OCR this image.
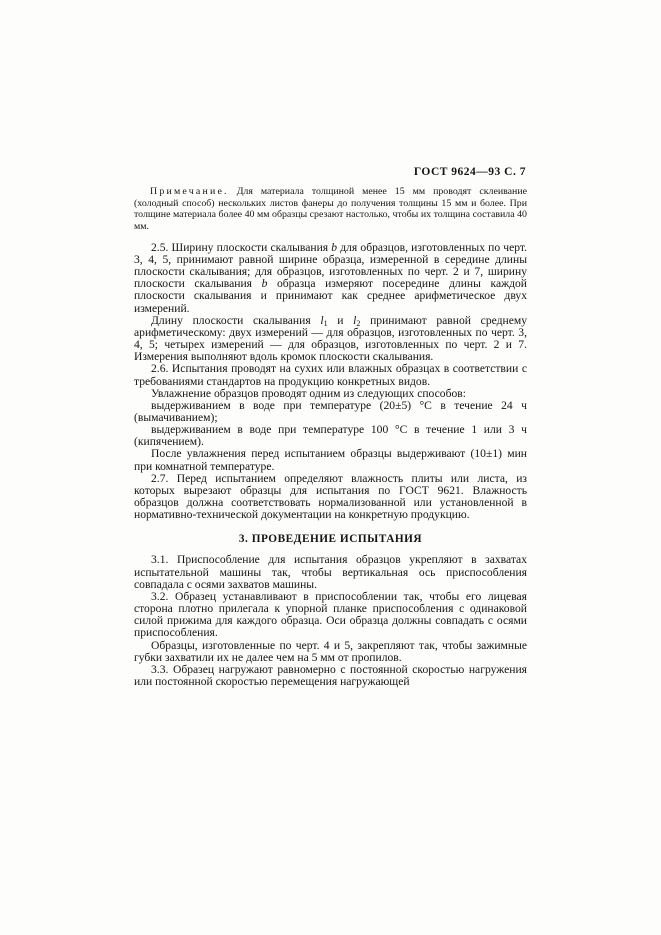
ГОСТ 9624—93 С. 7

Примечание. Для материала толщиной менее 15 мм проводят склеивание (холодный способ) нескольких листов фанеры до получения толщины 15 мм и более. При толщине материала более 40 мм образцы срезают настолько, чтобы их толщина составила 40 мм.

2.5. Ширину плоскости скалывания b для образцов, изготовленных по черт. 3, 4, 5, принимают равной ширине образца, измеренной в середине длины плоскости скалывания; для образцов, изготовленных по черт. 2 и 7, ширину плоскости скалывания b образца измеряют посередине длины каждой плоскости скалывания и принимают как среднее арифметическое двух измерений.

Длину плоскости скалывания $l_1$ и $l_2$ принимают равной среднему арифметическому: двух измерений — для образцов, изготовленных по черт. 3, 4, 5; четырех измерений — для образцов, изготовленных по черт. 2 и 7. Измерения выполняют вдоль кромок плоскости скалывания.

2.6. Испытания проводят на сухих или влажных образцах в соответствии с требованиями стандартов на продукцию конкретных видов.

Увлажнение образцов проводят одним из следующих способов:

выдерживанием в воде при температуре (20±5) °С в течение 24 ч (вымачиванием);

выдерживанием в воде при температуре 100 °С в течение 1 или 3 ч (кипячением).

После увлажнения перед испытанием образцы выдерживают (10±1) мин при комнатной температуре.

2.7. Перед испытанием определяют влажность плиты или листа, из которых вырезают образцы для испытания по ГОСТ 9621. Влажность образцов должна соответствовать нормализованной или установленной в нормативно-технической документации на конкретную продукцию.

3. ПРОВЕДЕНИЕ ИСПЫТАНИЯ

3.1. Приспособление для испытания образцов укрепляют в захватах испытательной машины так, чтобы вертикальная ось приспособления совпадала с осями захватов машины.

3.2. Образец устанавливают в приспособлении так, чтобы его лицевая сторона плотно прилегала к упорной планке приспособления с одинаковой силой прижима для каждого образца. Оси образца должны совпадать с осями приспособления.

Образцы, изготовленные по черт. 4 и 5, закрепляют так, чтобы зажимные губки захватили их не далее чем на 5 мм от пропилов.

3.3. Образец нагружают равномерно с постоянной скоростью нагружения или постоянной скоростью перемещения нагружающей
